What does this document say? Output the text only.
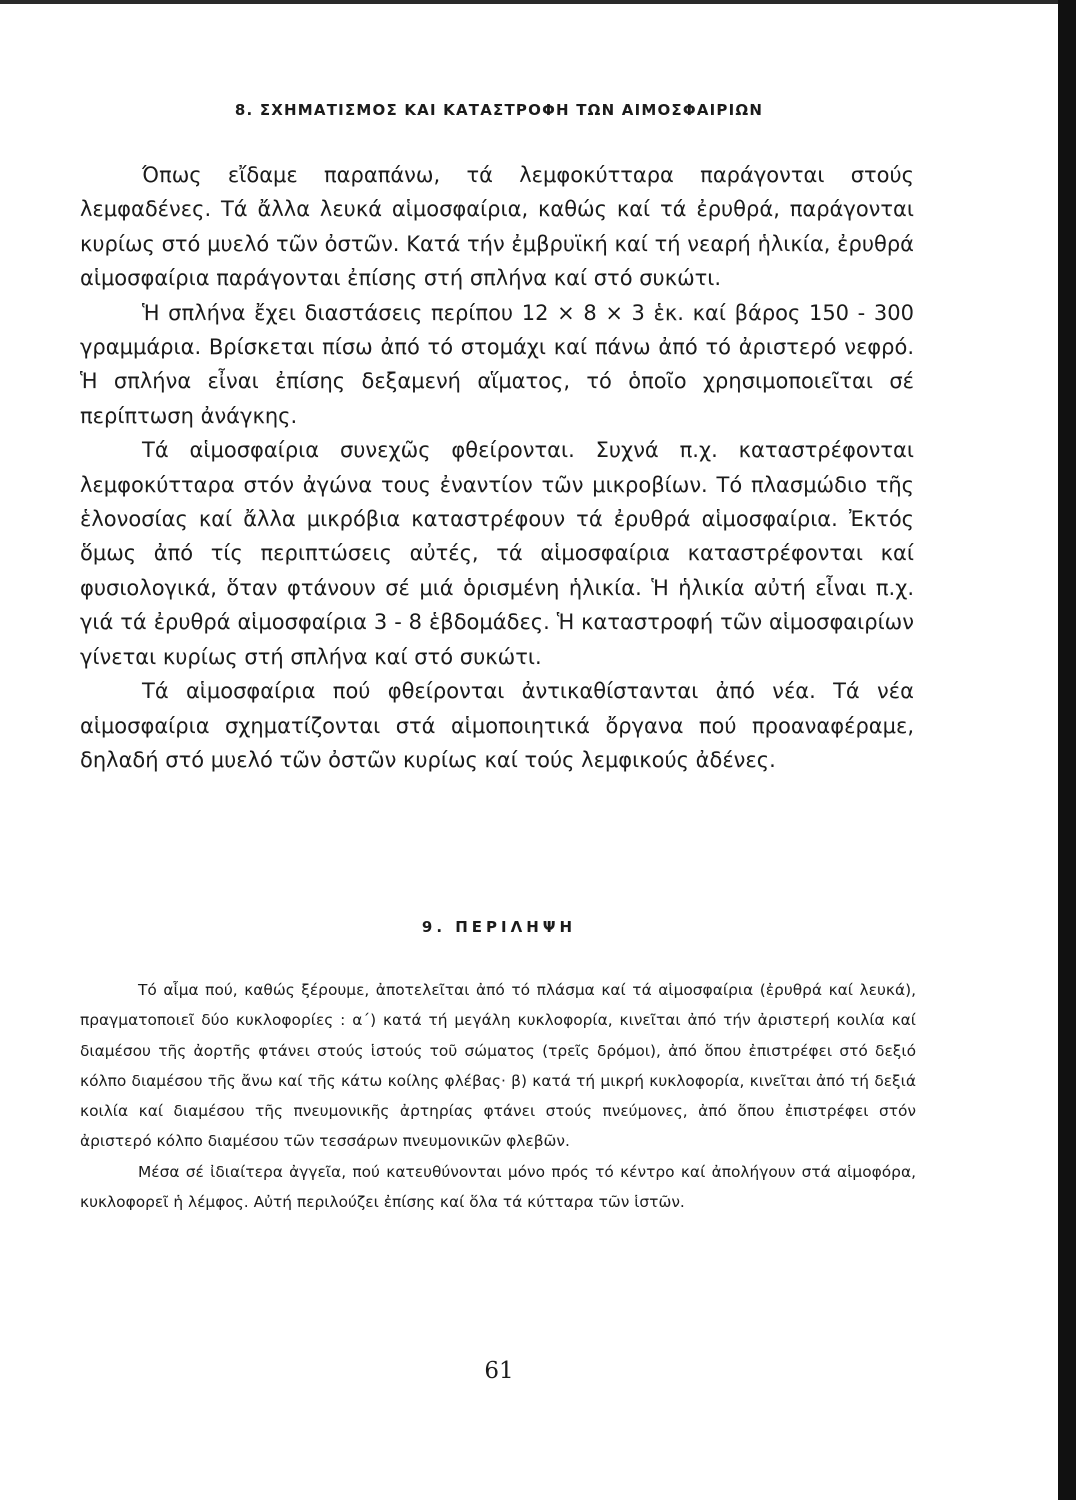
8. ΣΧΗΜΑΤΙΣΜΟΣ ΚΑΙ ΚΑΤΑΣΤΡΟΦΗ ΤΩΝ ΑΙΜΟΣΦΑΙΡΙΩΝ

Όπως εἴδαμε παραπάνω, τά λεμφοκύτταρα παράγονται στούς λεμφαδένες. Τά ἄλλα λευκά αἱμοσφαίρια, καθώς καί τά ἐρυθρά, παράγονται κυρίως στό μυελό τῶν ὀστῶν. Κατά τήν ἐμβρυϊκή καί τή νεαρή ἡλικία, ἐρυθρά αἱμοσφαίρια παράγονται ἐπίσης στή σπλήνα καί στό συκώτι.

Ἡ σπλήνα ἔχει διαστάσεις περίπου 12 × 8 × 3 ἑκ. καί βάρος 150 - 300 γραμμάρια. Βρίσκεται πίσω ἀπό τό στομάχι καί πάνω ἀπό τό ἀριστερό νεφρό. Ἡ σπλήνα εἶναι ἐπίσης δεξαμενή αἵματος, τό ὁποῖο χρησιμοποιεῖται σέ περίπτωση ἀνάγκης.

Τά αἱμοσφαίρια συνεχῶς φθείρονται. Συχνά π.χ. καταστρέφονται λεμφοκύτταρα στόν ἀγώνα τους ἐναντίον τῶν μικροβίων. Τό πλασμώδιο τῆς ἑλονοσίας καί ἄλλα μικρόβια καταστρέφουν τά ἐρυθρά αἱμοσφαίρια. Ἐκτός ὅμως ἀπό τίς περιπτώσεις αὐτές, τά αἱμοσφαίρια καταστρέφονται καί φυσιολογικά, ὅταν φτάνουν σέ μιά ὁρισμένη ἡλικία. Ἡ ἡλικία αὐτή εἶναι π.χ. γιά τά ἐρυθρά αἱμοσφαίρια 3 - 8 ἑβδομάδες. Ἡ καταστροφή τῶν αἱμοσφαιρίων γίνεται κυρίως στή σπλήνα καί στό συκώτι.

Τά αἱμοσφαίρια πού φθείρονται ἀντικαθίστανται ἀπό νέα. Τά νέα αἱμοσφαίρια σχηματίζονται στά αἱμοποιητικά ὄργανα πού προαναφέραμε, δηλαδή στό μυελό τῶν ὀστῶν κυρίως καί τούς λεμφικούς ἀδένες.

9. ΠΕΡΙΛΗΨΗ

Τό αἷμα πού, καθώς ξέρουμε, ἀποτελεῖται ἀπό τό πλάσμα καί τά αἱμοσφαίρια (ἐρυθρά καί λευκά), πραγματοποιεῖ δύο κυκλοφορίες : α΄) κατά τή μεγάλη κυκλοφορία, κινεῖται ἀπό τήν ἀριστερή κοιλία καί διαμέσου τῆς ἀορτῆς φτάνει στούς ἱστούς τοῦ σώματος (τρεῖς δρόμοι), ἀπό ὅπου ἐπιστρέφει στό δεξιό κόλπο διαμέσου τῆς ἄνω καί τῆς κάτω κοίλης φλέβας· β) κατά τή μικρή κυκλοφορία, κινεῖται ἀπό τή δεξιά κοιλία καί διαμέσου τῆς πνευμονικῆς ἀρτηρίας φτάνει στούς πνεύμονες, ἀπό ὅπου ἐπιστρέφει στόν ἀριστερό κόλπο διαμέσου τῶν τεσσάρων πνευμονικῶν φλεβῶν.

Μέσα σέ ἰδιαίτερα ἀγγεῖα, πού κατευθύνονται μόνο πρός τό κέντρο καί ἀπολήγουν στά αἱμοφόρα, κυκλοφορεῖ ἡ λέμφος. Αὐτή περιλούζει ἐπίσης καί ὅλα τά κύτταρα τῶν ἱστῶν.

61
